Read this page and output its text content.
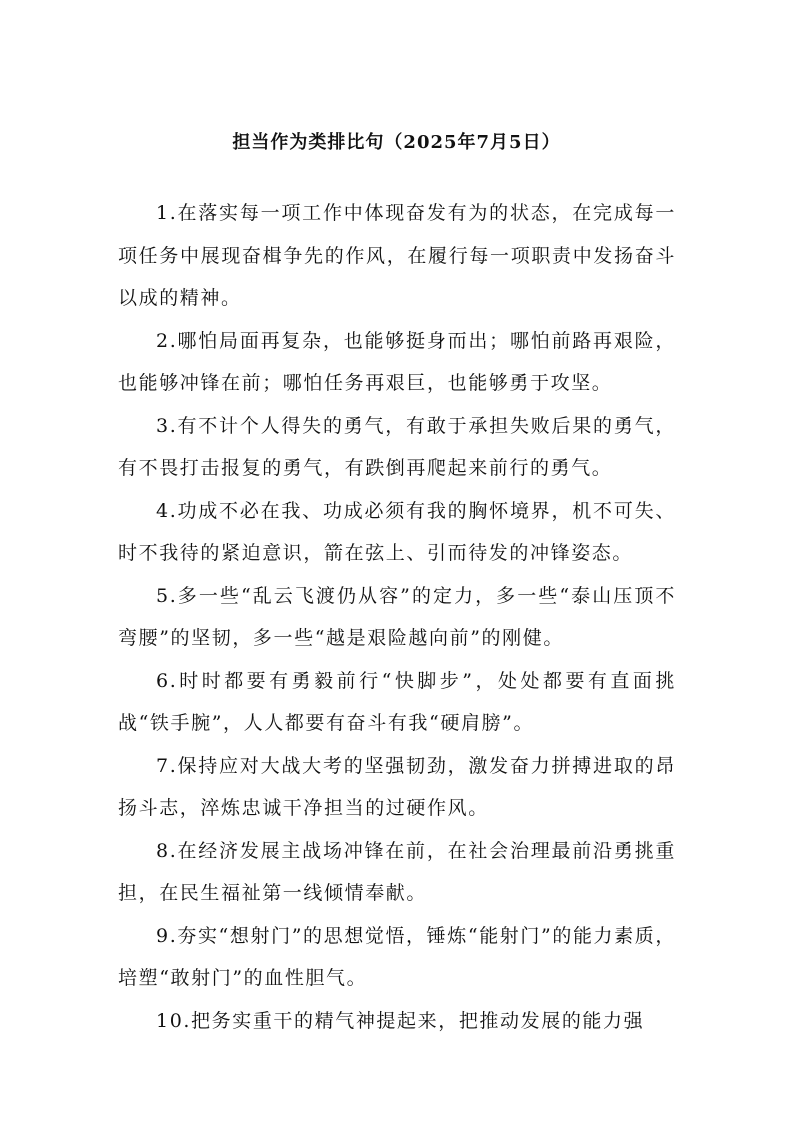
担当作为类排比句（2025年7月5日）

1.在落实每一项工作中体现奋发有为的状态，在完成每一项任务中展现奋楫争先的作风，在履行每一项职责中发扬奋斗以成的精神。

2.哪怕局面再复杂，也能够挺身而出；哪怕前路再艰险，也能够冲锋在前；哪怕任务再艰巨，也能够勇于攻坚。

3.有不计个人得失的勇气，有敢于承担失败后果的勇气，有不畏打击报复的勇气，有跌倒再爬起来前行的勇气。

4.功成不必在我、功成必须有我的胸怀境界，机不可失、时不我待的紧迫意识，箭在弦上、引而待发的冲锋姿态。

5.多一些“乱云飞渡仍从容”的定力，多一些“泰山压顶不弯腰”的坚韧，多一些“越是艰险越向前”的刚健。

6.时时都要有勇毅前行“快脚步”，处处都要有直面挑战“铁手腕”，人人都要有奋斗有我“硬肩膀”。

7.保持应对大战大考的坚强韧劲，激发奋力拼搏进取的昂扬斗志，淬炼忠诚干净担当的过硬作风。

8.在经济发展主战场冲锋在前，在社会治理最前沿勇挑重担，在民生福祉第一线倾情奉献。

9.夯实“想射门”的思想觉悟，锤炼“能射门”的能力素质，培塑“敢射门”的血性胆气。

10.把务实重干的精气神提起来，把推动发展的能力强
